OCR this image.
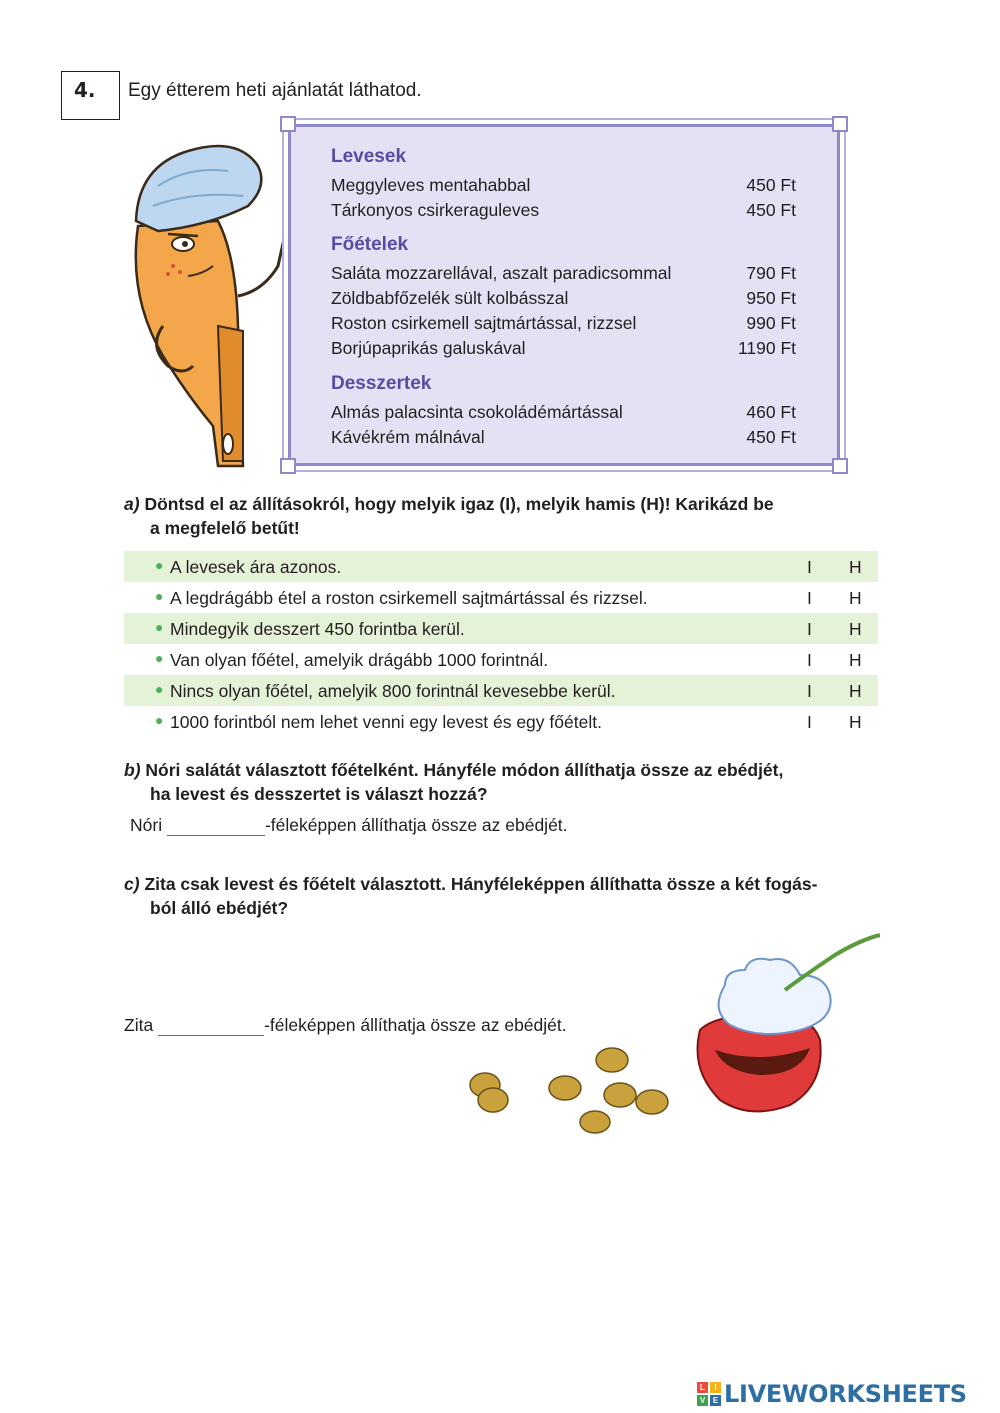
4. Egy étterem heti ajánlatát láthatod.
Levesek
Meggyleves mentahabbal	450 Ft
Tárkonyos csirkeraguleves	450 Ft
Főételek
Saláta mozzarellával, aszalt paradicsommal	790 Ft
Zöldbabfőzelék sült kolbásszal	950 Ft
Roston csirkemell sajtmártással, rizzsel	990 Ft
Borjúpaprikás galuskával	1190 Ft
Desszertek
Almás palacsinta csokoládémártással	460 Ft
Kávékrém málnával	450 Ft
a) Döntsd el az állításokról, hogy melyik igaz (I), melyik hamis (H)! Karikázd be
a megfelelő betűt!
● A levesek ára azonos.	I H
● A legdrágább étel a roston csirkemell sajtmártással és rizzsel.	I H
● Mindegyik desszert 450 forintba kerül.	I H
● Van olyan főétel, amelyik drágább 1000 forintnál.	I H
● Nincs olyan főétel, amelyik 800 forintnál kevesebbe kerül.	I H
● 1000 forintból nem lehet venni egy levest és egy főételt.	I H
b) Nóri salátát választott főételként. Hányféle módon állíthatja össze az ebédjét,
ha levest és desszertet is választ hozzá?
Nóri	-féleképpen állíthatja össze az ebédjét.
c) Zita csak levest és főételt választott. Hányféleképpen állíthatta össze a két fogás-
ból álló ebédjét?
Zita	-féleképpen állíthatja össze az ebédjét.
L	I
V E LIVEWORKSHEETS
